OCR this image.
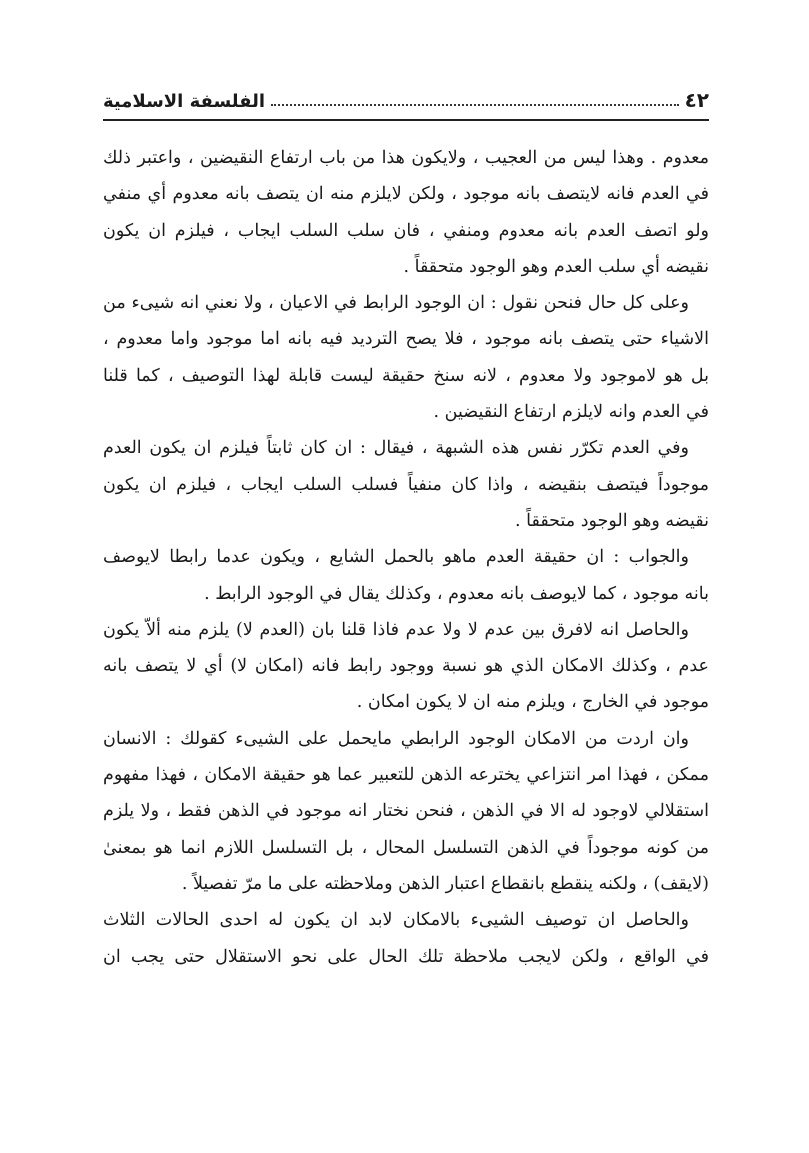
٤٢
الفلسفة الاسلامية

معدوم . وهذا ليس من العجيب ، ولايكون هذا من باب ارتفاع النقيضين ، واعتبر ذلك
في العدم فانه لايتصف بانه موجود ، ولكن لايلزم منه ان يتصف بانه معدوم أي منفي
ولو اتصف العدم بانه معدوم ومنفي ، فان سلب السلب ايجاب ، فيلزم ان يكون
نقيضه أي سلب العدم وهو الوجود متحققاً .

وعلى كل حال فنحن نقول : ان الوجود الرابط في الاعيان ، ولا نعني انه شيىء من
الاشياء حتى يتصف بانه موجود ، فلا يصح الترديد فيه بانه اما موجود واما معدوم ،
بل هو لاموجود ولا معدوم ، لانه سنخ حقيقة ليست قابلة لهذا التوصيف ، كما قلنا
في العدم وانه لايلزم ارتفاع النقيضين .

وفي العدم تكرّر نفس هذه الشبهة ، فيقال : ان كان ثابتاً فيلزم ان يكون العدم
موجوداً فيتصف بنقيضه ، واذا كان منفياً فسلب السلب ايجاب ، فيلزم ان يكون
نقيضه وهو الوجود متحققاً .

والجواب : ان حقيقة العدم ماهو بالحمل الشايع ، ويكون عدما رابطا لايوصف
بانه موجود ، كما لايوصف بانه معدوم ، وكذلك يقال في الوجود الرابط .

والحاصل انه لافرق بين عدم لا ولا عدم فاذا قلنا بان (العدم لا) يلزم منه ألاّ يكون
عدم ، وكذلك الامكان الذي هو نسبة ووجود رابط فانه (امكان لا) أي لا يتصف بانه
موجود في الخارج ، ويلزم منه ان لا يكون امكان .

وان اردت من الامكان الوجود الرابطي مايحمل على الشيىء كقولك : الانسان
ممكن ، فهذا امر انتزاعي يخترعه الذهن للتعبير عما هو حقيقة الامكان ، فهذا مفهوم
استقلالي لاوجود له الا في الذهن ، فنحن نختار انه موجود في الذهن فقط ، ولا يلزم
من كونه موجوداً في الذهن التسلسل المحال ، بل التسلسل اللازم انما هو بمعنىٰ
(لايقف) ، ولكنه ينقطع بانقطاع اعتبار الذهن وملاحظته على ما مرّ تفصيلاً .

والحاصل ان توصيف الشيىء بالامكان لابد ان يكون له احدى الحالات الثلاث
في الواقع ، ولكن لايجب ملاحظة تلك الحال على نحو الاستقلال حتى يجب ان
